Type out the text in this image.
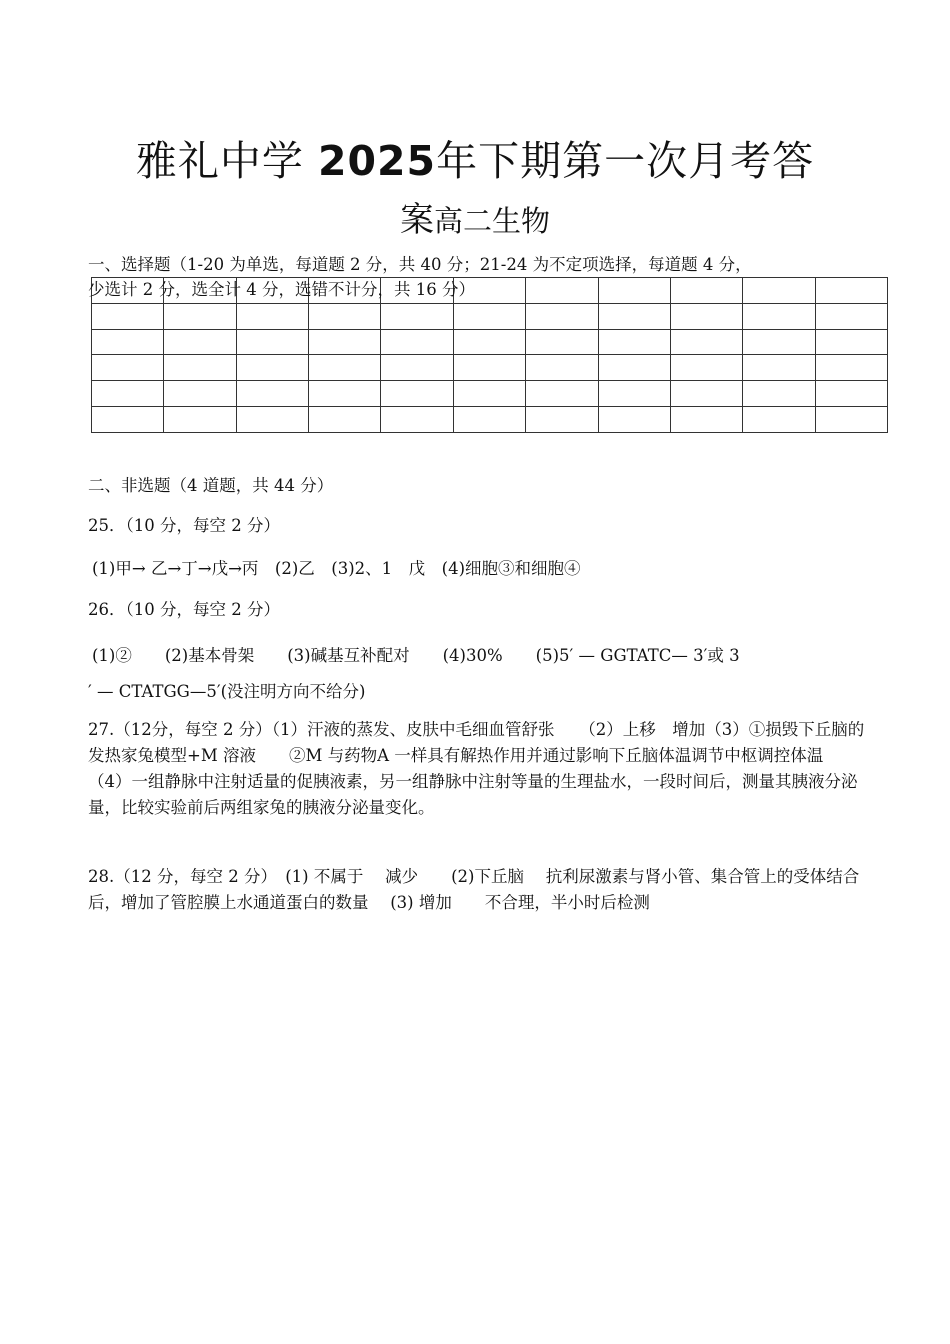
雅礼中学 2025年下期第一次月考答
案高二生物
一、选择题（1-20 为单选，每道题 2 分，共 40 分；21-24 为不定项选择，每道题 4 分，

少选计 2 分，选全计 4 分，选错不计分，共 16 分）
二、非选题（4 道题，共 44 分）
25．（10 分，每空 2 分）
(1)甲→ 乙→丁→戊→丙　(2)乙　(3)2、1　戊　(4)细胞③和细胞④
26．（10 分，每空 2 分）
(1)②　　(2)基本骨架　　(3)碱基互补配对　　(4)30%　　(5)5′ — GGTATC— 3′或 3
′ — CTATGG—5′(没注明方向不给分)
27.（12分，每空 2 分）（1）汗液的蒸发、皮肤中毛细血管舒张　　（2）上移　增加（3）①损毁下丘脑的发热家兔模型+M 溶液　　②M 与药物A 一样具有解热作用并通过影响下丘脑体温调节中枢调控体温　（4）一组静脉中注射适量的促胰液素，另一组静脉中注射等量的生理盐水，一段时间后，测量其胰液分泌量，比较实验前后两组家兔的胰液分泌量变化。
28.（12 分，每空 2 分）　(1) 不属于　 减少　　(2)下丘脑　 抗利尿激素与肾小管、集合管上的受体结合后，增加了管腔膜上水通道蛋白的数量　 (3) 增加　　不合理，半小时后检测
